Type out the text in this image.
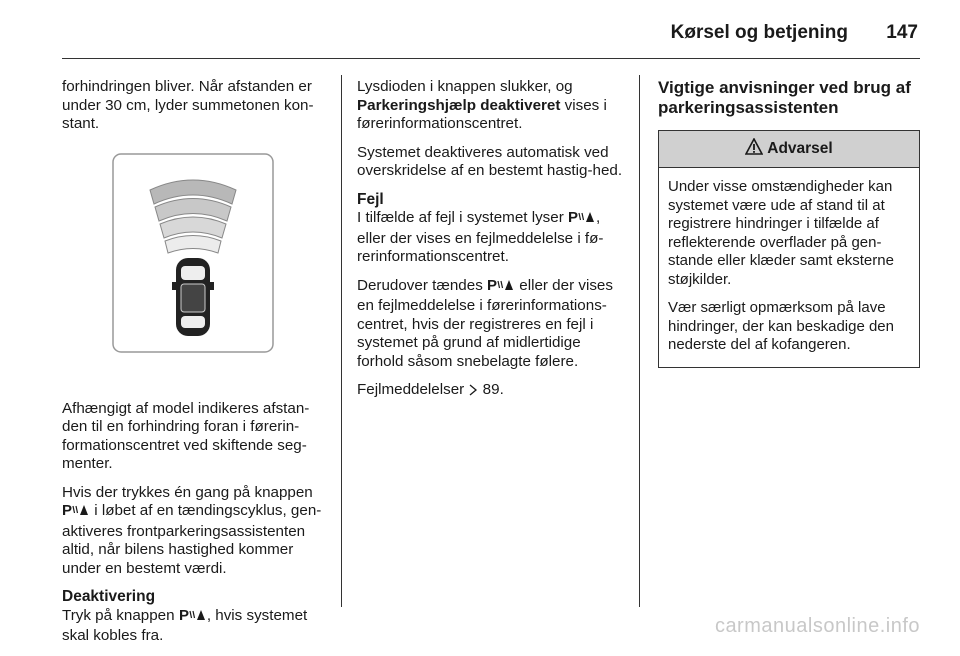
Kørsel og betjening 147

forhindringen bliver. Når afstanden er under 30 cm, lyder summetonen kon-stant.

Afhængigt af model indikeres afstan-den til en forhindring foran i førerin-formationscentret ved skiftende seg-menter.

Hvis der trykkes én gang på knappen
P i løbet af en tændingscyklus, gen-aktiveres frontparkeringsassistenten altid, når bilens hastighed kommer under en bestemt værdi.

Deaktivering

Tryk på knappen P , hvis systemet skal kobles fra.

Lysdioden i knappen slukker, og Parkeringshjælp deaktiveret vises i førerinformationscentret.

Systemet deaktiveres automatisk ved overskridelse af en bestemt hastig-hed.

Fejl

I tilfælde af fejl i systemet lyser P , eller der vises en fejlmeddelelse i fø-rerinformationscentret.

Derudover tændes P eller der vises en fejlmeddelelse i førerinformations-centret, hvis der registreres en fejl i systemet på grund af midlertidige forhold såsom snebelagte følere.

Fejlmeddelelser 89.

Vigtige anvisninger ved brug af parkeringsassistenten

Advarsel

Under visse omstændigheder kan systemet være ude af stand til at registrere hindringer i tilfælde af reflekterende overflader på gen-stande eller klæder samt eksterne støjkilder.

Vær særligt opmærksom på lave hindringer, der kan beskadige den nederste del af kofangeren.

carmanualsonline.info
